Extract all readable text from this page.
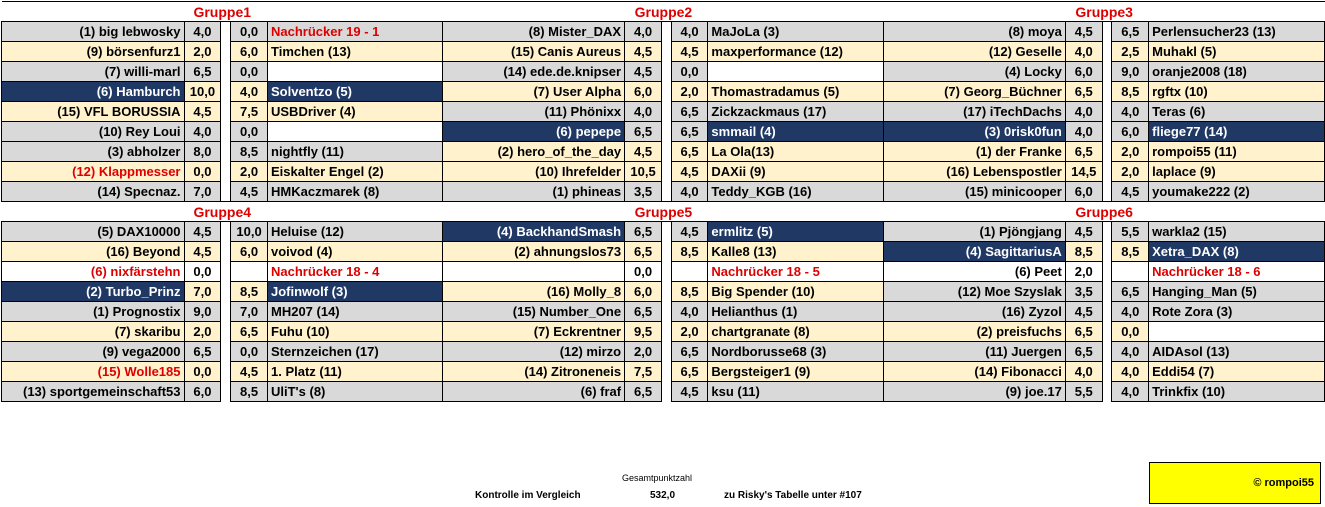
Gruppe1					Gruppe2					Gruppe3				
(1) big lebwosky	4,0		0,0	Nachrücker 19 - 1	(8) Mister_DAX	4,0		4,0	MaJoLa (3)	(8) moya	4,5		6,5	Perlensucher23 (13)
(9) börsenfurz1	2,0		6,0	Timchen (13)	(15) Canis Aureus	4,5		4,5	maxperformance (12)	(12) Geselle	4,0		2,5	Muhakl (5)
(7) willi-marl	6,5		0,0		(14) ede.de.knipser	4,5		0,0		(4) Locky	6,0		9,0	oranje2008 (18)
(6) Hamburch	10,0		4,0	Solventzo (5)	(7) User Alpha	6,0		2,0	Thomastradamus (5)	(7) Georg_Büchner	6,5		8,5	rgftx (10)
(15) VFL BORUSSIA	4,5		7,5	USBDriver (4)	(11) Phönixx	4,0		6,5	Zickzackmaus (17)	(17) iTechDachs	4,0		4,0	Teras (6)
(10) Rey Loui	4,0		0,0		(6) pepepe	6,5		6,5	smmail (4)	(3) 0risk0fun	4,0		6,0	fliege77 (14)
(3) abholzer	8,0		8,5	nightfly (11)	(2) hero_of_the_day	4,5		6,5	La Ola(13)	(1) der Franke	6,5		2,0	rompoi55 (11)
(12) Klappmesser	0,0		2,0	Eiskalter Engel (2)	(10) Ihrefelder	10,5		4,5	DAXii (9)	(16) Lebenspostler	14,5		2,0	laplace (9)
(14) Specnaz.	7,0		4,5	HMKaczmarek (8)	(1) phineas	3,5		4,0	Teddy_KGB (16)	(15) minicooper	6,0		4,5	youmake222 (2)
Gruppe4					Gruppe5					Gruppe6				
(5) DAX10000	4,5		10,0	Heluise (12)	(4) BackhandSmash	6,5		4,5	ermlitz (5)	(1) Pjöngjang	4,5		5,5	warkla2 (15)
(16) Beyond	4,5		6,0	voivod (4)	(2) ahnungslos73	6,5		8,5	Kalle8 (13)	(4) SagittariusA	8,5		8,5	Xetra_DAX (8)
(6) nixfärstehn	0,0			Nachrücker 18 - 4		0,0			Nachrücker 18 - 5	(6) Peet	2,0			Nachrücker 18 - 6
(2) Turbo_Prinz	7,0		8,5	Jofinwolf (3)	(16) Molly_8	6,0		8,5	Big Spender (10)	(12) Moe Szyslak	3,5		6,5	Hanging_Man (5)
(1) Prognostix	9,0		7,0	MH207 (14)	(15) Number_One	6,5		4,0	Helianthus (1)	(16) Zyzol	4,5		4,0	Rote Zora (3)
(7) skaribu	2,0		6,5	Fuhu (10)	(7) Eckrentner	9,5		2,0	chartgranate (8)	(2) preisfuchs	6,5		0,0	
(9) vega2000	6,5		0,0	Sternzeichen (17)	(12) mirzo	2,0		6,5	Nordborusse68 (3)	(11) Juergen	6,5		4,0	AIDAsol (13)
(15) Wolle185	0,0		4,5	1. Platz (11)	(14) Zitroneneis	7,5		6,5	Bergsteiger1 (9)	(14) Fibonacci	4,0		4,0	Eddi54 (7)
(13) sportgemeinschaft53	6,0		8,5	UliT's (8)	(6) fraf	6,5		4,5	ksu (11)	(9) joe.17	5,5		4,0	Trinkfix (10)
Gesamtpunktzahl
Kontrolle im Vergleich	532,0	zu Risky's Tabelle unter #107
© rompoi55
